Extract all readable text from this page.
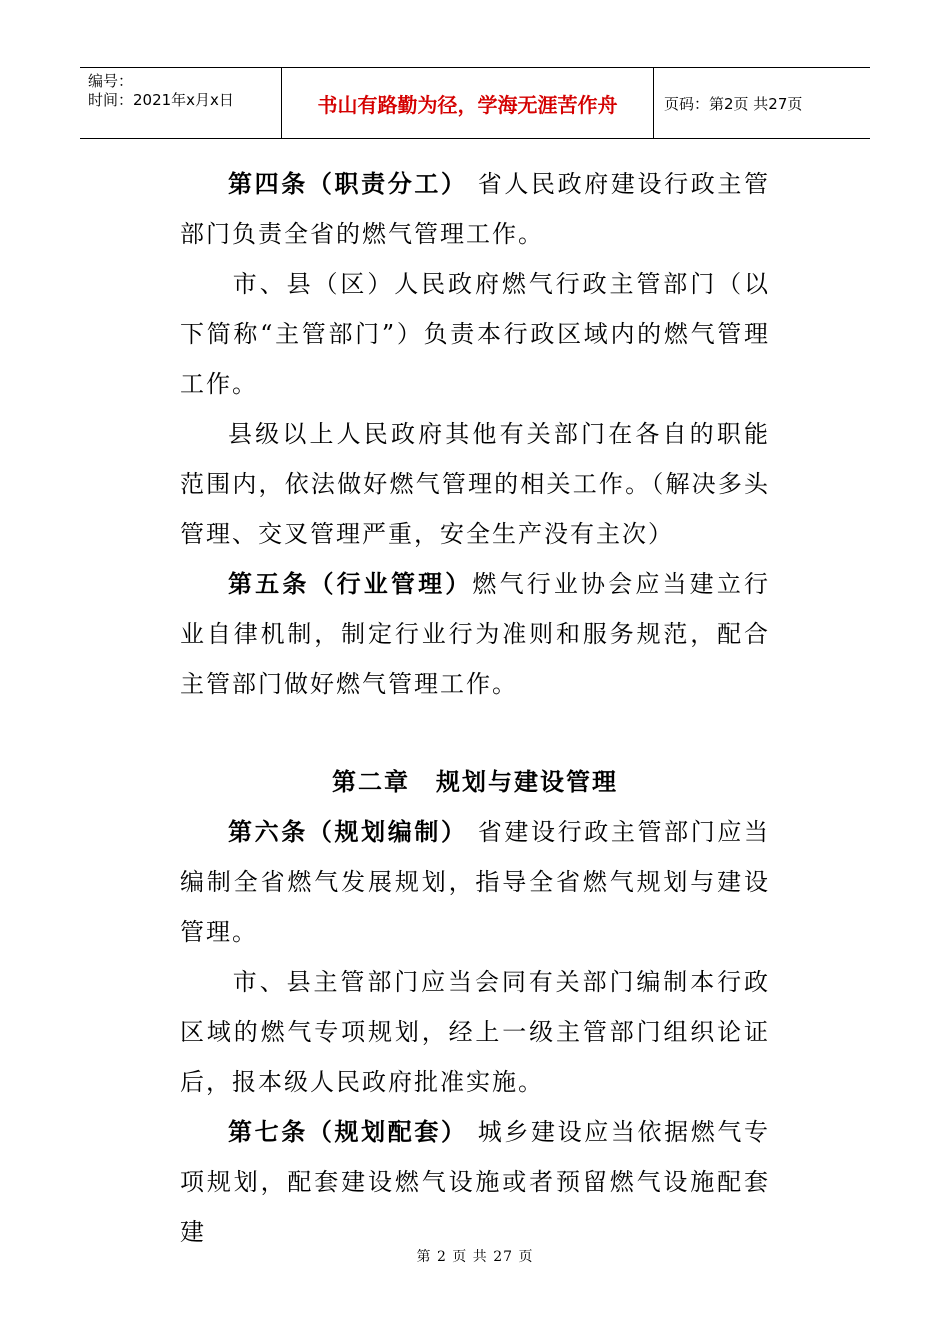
编号：
时间：2021年x月x日	书山有路勤为径，学海无涯苦作舟	页码：第2页 共27页

第四条（职责分工） 省人民政府建设行政主管部门负责全省的燃气管理工作。

市、县（区）人民政府燃气行政主管部门（以下简称“主管部门”）负责本行政区域内的燃气管理工作。

县级以上人民政府其他有关部门在各自的职能范围内，依法做好燃气管理的相关工作。（解决多头管理、交叉管理严重，安全生产没有主次）

第五条（行业管理）燃气行业协会应当建立行业自律机制，制定行业行为准则和服务规范，配合主管部门做好燃气管理工作。

第二章　规划与建设管理

第六条（规划编制） 省建设行政主管部门应当编制全省燃气发展规划，指导全省燃气规划与建设管理。

市、县主管部门应当会同有关部门编制本行政区域的燃气专项规划，经上一级主管部门组织论证后，报本级人民政府批准实施。

第七条（规划配套） 城乡建设应当依据燃气专项规划，配套建设燃气设施或者预留燃气设施配套建

第 2 页 共 27 页
